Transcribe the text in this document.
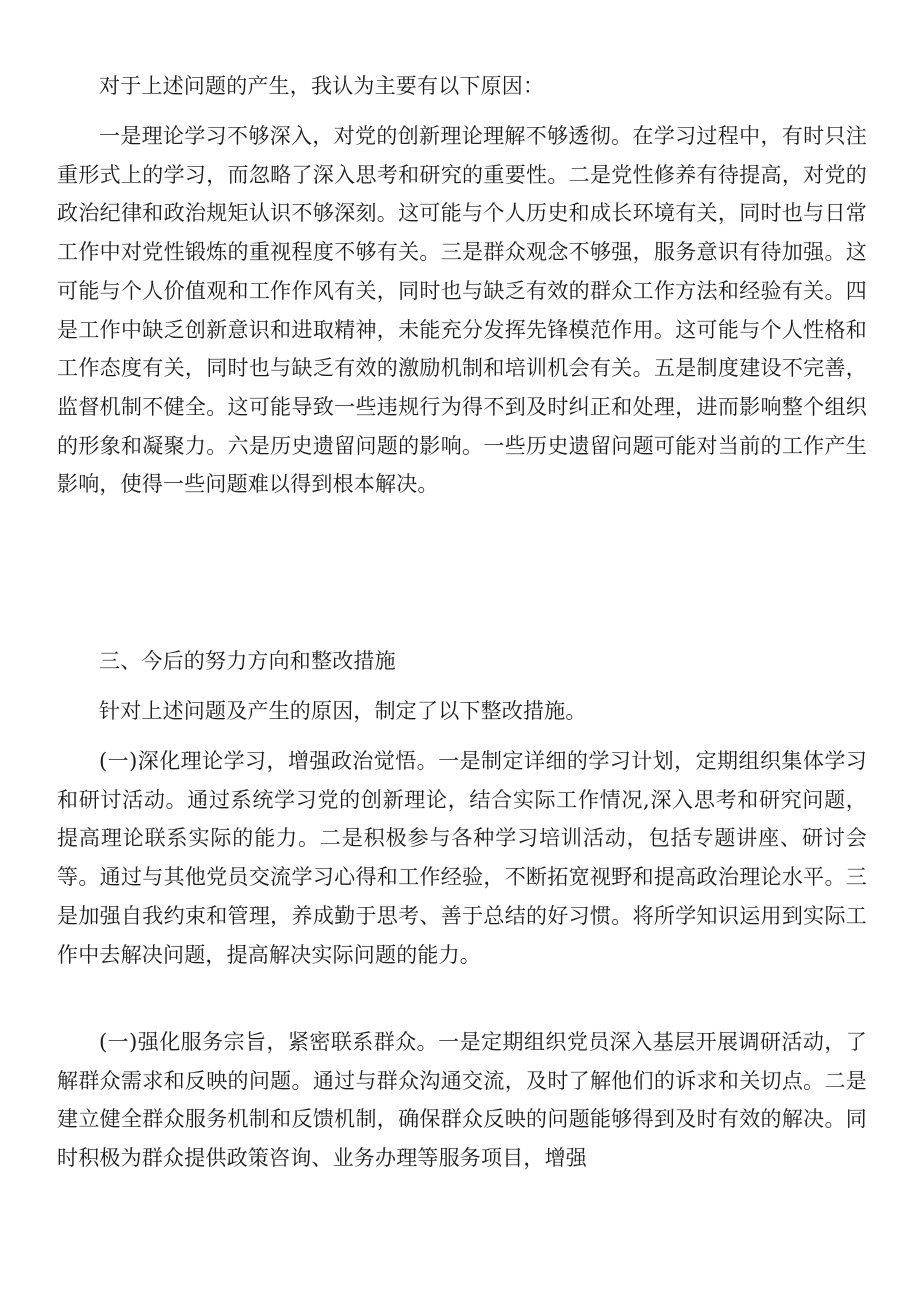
对于上述问题的产生，我认为主要有以下原因：

一是理论学习不够深入，对党的创新理论理解不够透彻。在学习过程中，有时只注重形式上的学习，而忽略了深入思考和研究的重要性。二是党性修养有待提高，对党的政治纪律和政治规矩认识不够深刻。这可能与个人历史和成长环境有关，同时也与日常工作中对党性锻炼的重视程度不够有关。三是群众观念不够强，服务意识有待加强。这可能与个人价值观和工作作风有关，同时也与缺乏有效的群众工作方法和经验有关。四是工作中缺乏创新意识和进取精神，未能充分发挥先锋模范作用。这可能与个人性格和工作态度有关，同时也与缺乏有效的激励机制和培训机会有关。五是制度建设不完善，监督机制不健全。这可能导致一些违规行为得不到及时纠正和处理，进而影响整个组织的形象和凝聚力。六是历史遗留问题的影响。一些历史遗留问题可能对当前的工作产生影响，使得一些问题难以得到根本解决。

三、今后的努力方向和整改措施

针对上述问题及产生的原因，制定了以下整改措施。

(一)深化理论学习，增强政治觉悟。一是制定详细的学习计划，定期组织集体学习和研讨活动。通过系统学习党的创新理论，结合实际工作情况,深入思考和研究问题，提高理论联系实际的能力。二是积极参与各种学习培训活动，包括专题讲座、研讨会等。通过与其他党员交流学习心得和工作经验，不断拓宽视野和提高政治理论水平。三是加强自我约束和管理，养成勤于思考、善于总结的好习惯。将所学知识运用到实际工作中去解决问题，提高解决实际问题的能力。

(一)强化服务宗旨，紧密联系群众。一是定期组织党员深入基层开展调研活动，了解群众需求和反映的问题。通过与群众沟通交流，及时了解他们的诉求和关切点。二是建立健全群众服务机制和反馈机制，确保群众反映的问题能够得到及时有效的解决。同时积极为群众提供政策咨询、业务办理等服务项目，增强
